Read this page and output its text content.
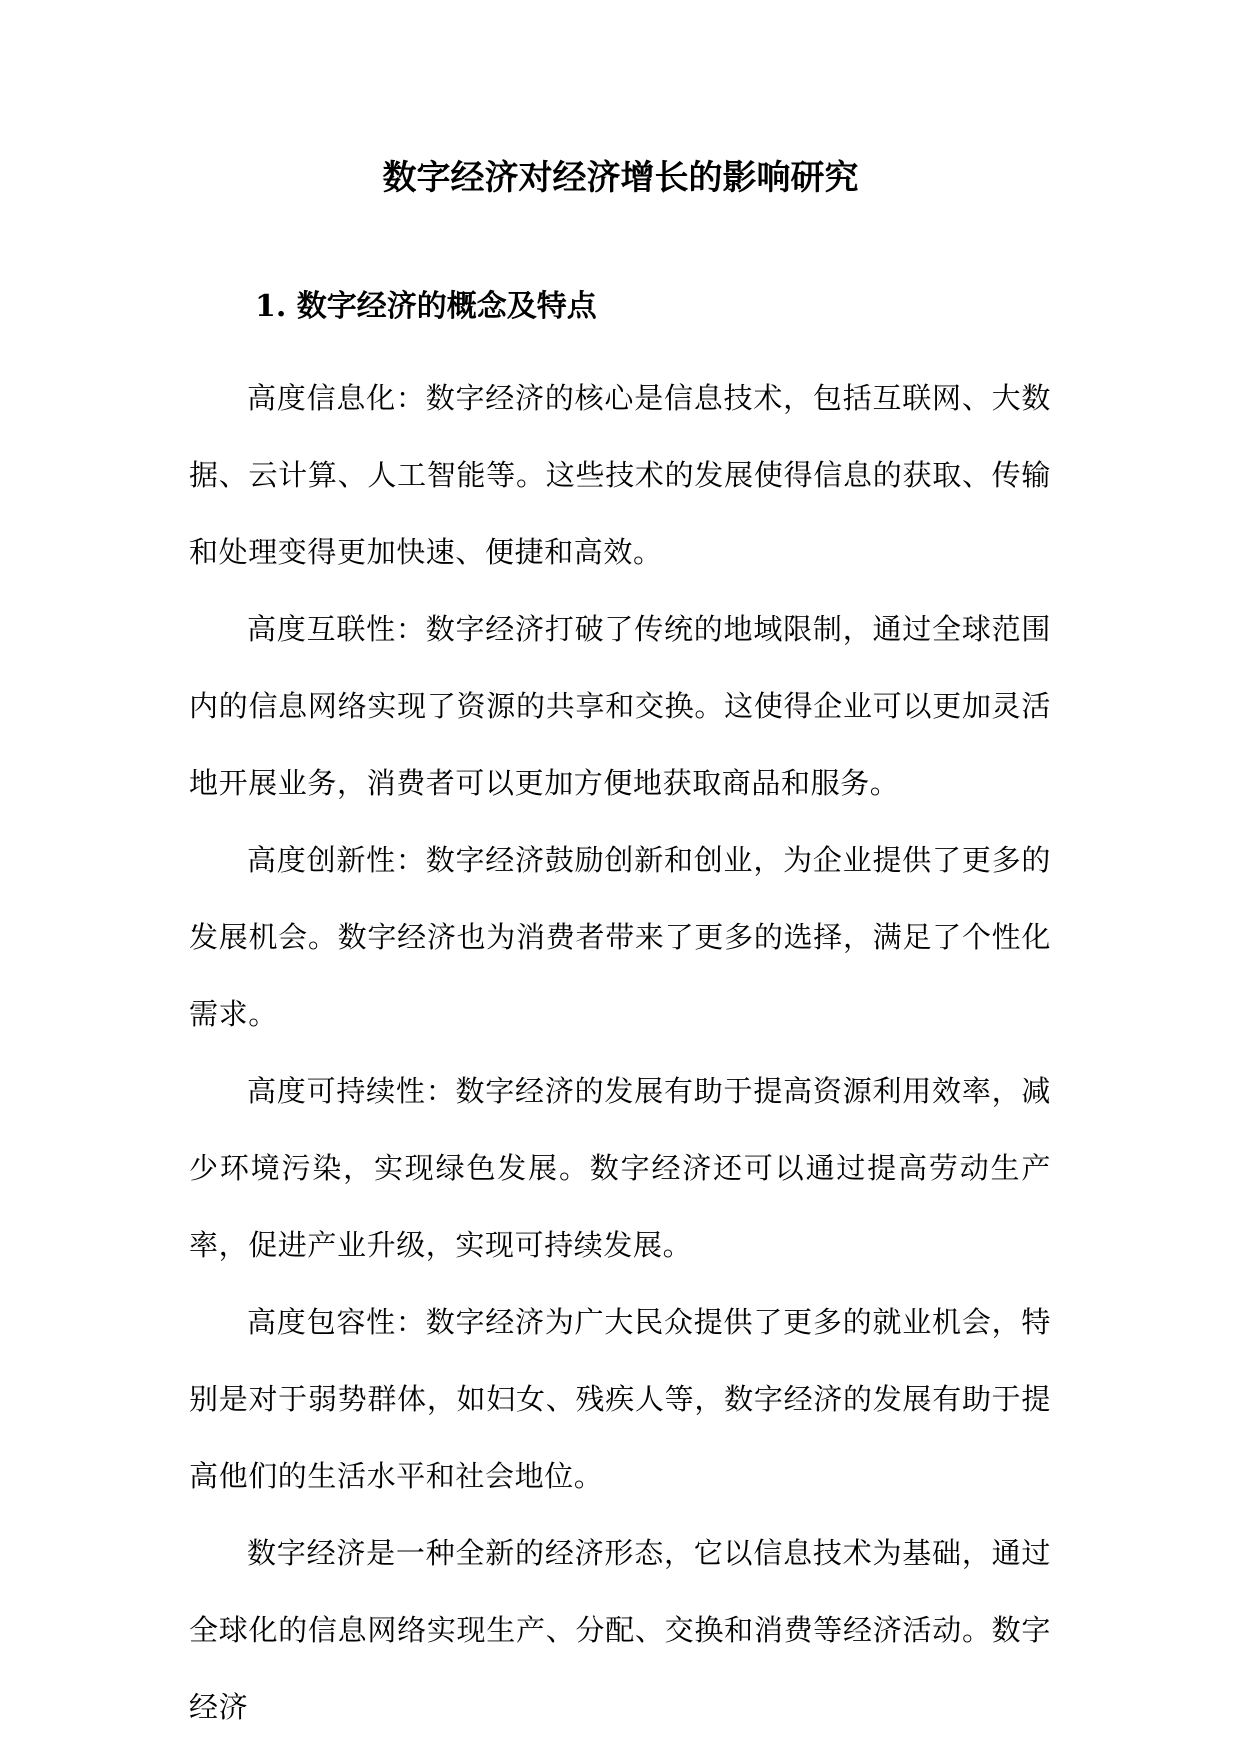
数字经济对经济增长的影响研究
1. 数字经济的概念及特点

高度信息化：数字经济的核心是信息技术，包括互联网、大数据、云计算、人工智能等。这些技术的发展使得信息的获取、传输和处理变得更加快速、便捷和高效。

高度互联性：数字经济打破了传统的地域限制，通过全球范围内的信息网络实现了资源的共享和交换。这使得企业可以更加灵活地开展业务，消费者可以更加方便地获取商品和服务。

高度创新性：数字经济鼓励创新和创业，为企业提供了更多的发展机会。数字经济也为消费者带来了更多的选择，满足了个性化需求。

高度可持续性：数字经济的发展有助于提高资源利用效率，减少环境污染，实现绿色发展。数字经济还可以通过提高劳动生产率，促进产业升级，实现可持续发展。

高度包容性：数字经济为广大民众提供了更多的就业机会，特别是对于弱势群体，如妇女、残疾人等，数字经济的发展有助于提高他们的生活水平和社会地位。

数字经济是一种全新的经济形态，它以信息技术为基础，通过全球化的信息网络实现生产、分配、交换和消费等经济活动。数字经济
